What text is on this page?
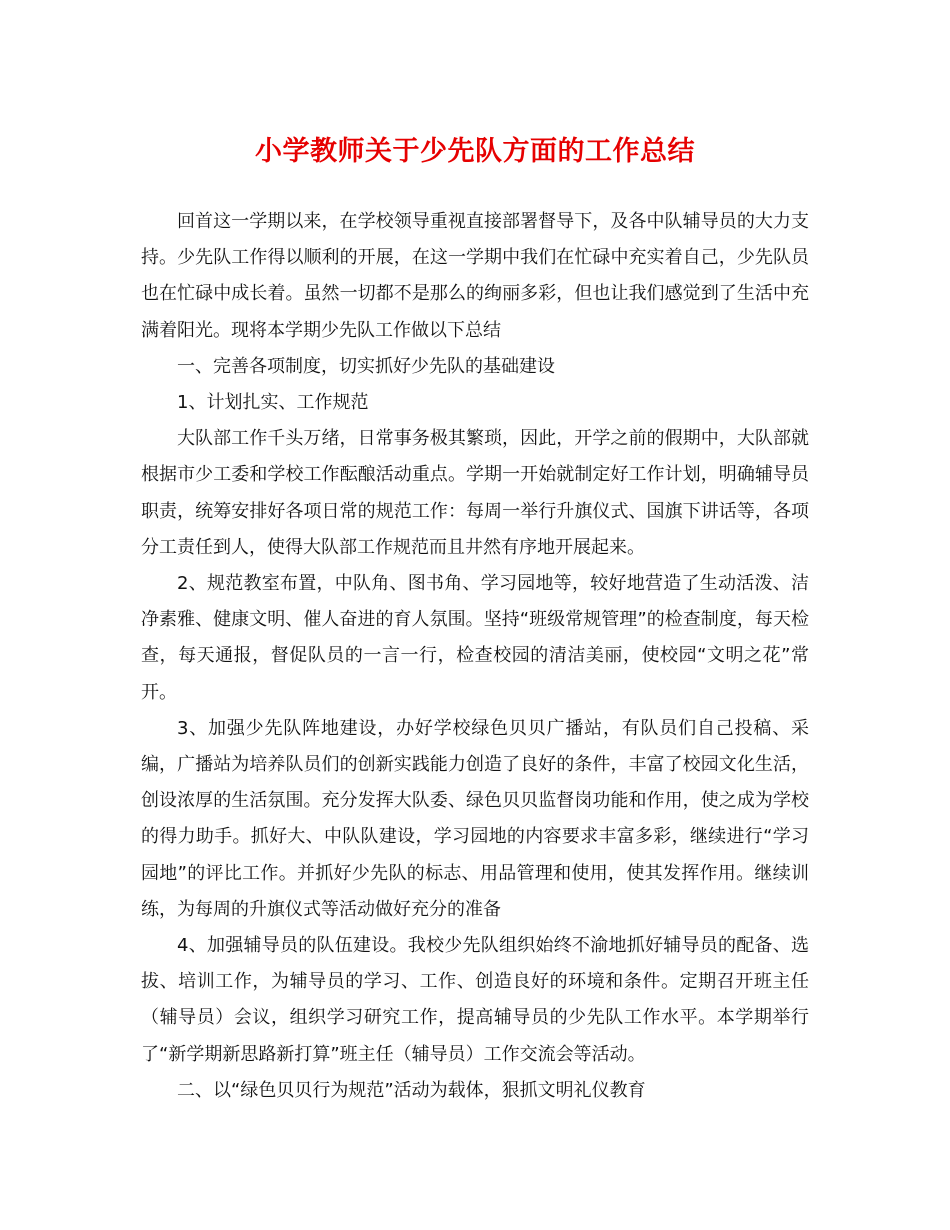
小学教师关于少先队方面的工作总结

回首这一学期以来，在学校领导重视直接部署督导下，及各中队辅导员的大力支持。少先队工作得以顺利的开展，在这一学期中我们在忙碌中充实着自己，少先队员也在忙碌中成长着。虽然一切都不是那么的绚丽多彩，但也让我们感觉到了生活中充满着阳光。现将本学期少先队工作做以下总结

一、完善各项制度，切实抓好少先队的基础建设

1、计划扎实、工作规范

大队部工作千头万绪，日常事务极其繁琐，因此，开学之前的假期中，大队部就根据市少工委和学校工作酝酿活动重点。学期一开始就制定好工作计划，明确辅导员职责，统筹安排好各项日常的规范工作：每周一举行升旗仪式、国旗下讲话等，各项分工责任到人，使得大队部工作规范而且井然有序地开展起来。

2、规范教室布置，中队角、图书角、学习园地等，较好地营造了生动活泼、洁净素雅、健康文明、催人奋进的育人氛围。坚持“班级常规管理”的检查制度，每天检查，每天通报，督促队员的一言一行，检查校园的清洁美丽，使校园“文明之花”常开。

3、加强少先队阵地建设，办好学校绿色贝贝广播站，有队员们自己投稿、采编，广播站为培养队员们的创新实践能力创造了良好的条件，丰富了校园文化生活，创设浓厚的生活氛围。充分发挥大队委、绿色贝贝监督岗功能和作用，使之成为学校的得力助手。抓好大、中队队建设，学习园地的内容要求丰富多彩，继续进行“学习园地”的评比工作。并抓好少先队的标志、用品管理和使用，使其发挥作用。继续训练，为每周的升旗仪式等活动做好充分的准备

4、加强辅导员的队伍建设。我校少先队组织始终不渝地抓好辅导员的配备、选拔、培训工作，为辅导员的学习、工作、创造良好的环境和条件。定期召开班主任（辅导员）会议，组织学习研究工作，提高辅导员的少先队工作水平。本学期举行了“新学期新思路新打算”班主任（辅导员）工作交流会等活动。

二、以“绿色贝贝行为规范”活动为载体，狠抓文明礼仪教育
